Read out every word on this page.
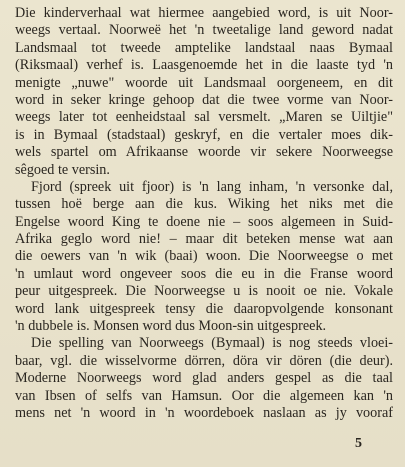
Die kinderverhaal wat hiermee aangebied word, is uit Noor-
weegs vertaal. Noorweë het 'n tweetalige land geword nadat
Landsmaal tot tweede amptelike landstaal naas Bymaal
(Riksmaal) verhef is. Laasgenoemde het in die laaste tyd 'n
menigte „nuwe" woorde uit Landsmaal oorgeneem, en dit
word in seker kringe gehoop dat die twee vorme van Noor-
weegs later tot eenheidstaal sal versmelt. „Maren se Uiltjie"
is in Bymaal (stadstaal) geskryf, en die vertaler moes dik-
wels spartel om Afrikaanse woorde vir sekere Noorweegse
sêgoed te versin.
Fjord (spreek uit fjoor) is 'n lang inham, 'n versonke dal,
tussen hoë berge aan die kus. Wiking het niks met die
Engelse woord King te doene nie – soos algemeen in Suid-
Afrika geglo word nie! – maar dit beteken mense wat aan
die oewers van 'n wik (baai) woon. Die Noorweegse o met
'n umlaut word ongeveer soos die eu in die Franse woord
peur uitgespreek. Die Noorweegse u is nooit oe nie. Vokale
word lank uitgespreek tensy die daaropvolgende konsonant
'n dubbele is. Monsen word dus Moon-sin uitgespreek.
Die spelling van Noorweegs (Bymaal) is nog steeds vloei-
baar, vgl. die wisselvorme dörren, döra vir dören (die deur).
Moderne Noorweegs word glad anders gespel as die taal
van Ibsen of selfs van Hamsun. Oor die algemeen kan 'n
mens net 'n woord in 'n woordeboek naslaan as jy vooraf
5
